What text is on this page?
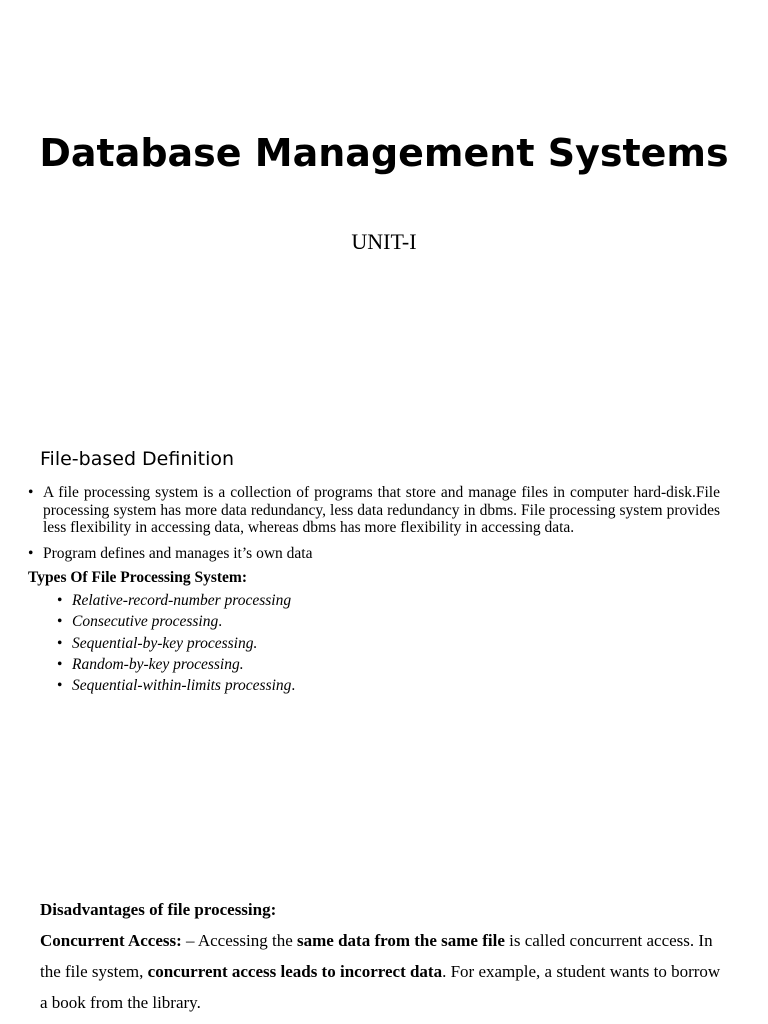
Database Management Systems
UNIT-I
File-based Definition
• A file processing system is a collection of programs that store and manage files in computer hard-disk.File processing system has more data redundancy, less data redundancy in dbms. File processing system provides less flexibility in accessing data, whereas dbms has more flexibility in accessing data.
• Program defines and manages it’s own data
Types Of File Processing System:
• Relative-record-number processing
• Consecutive processing.
• Sequential-by-key processing.
• Random-by-key processing.
• Sequential-within-limits processing.

Disadvantages of file processing:

Concurrent Access: – Accessing the same data from the same file is called concurrent access. In the file system, concurrent access leads to incorrect data. For example, a student wants to borrow a book from the library.
